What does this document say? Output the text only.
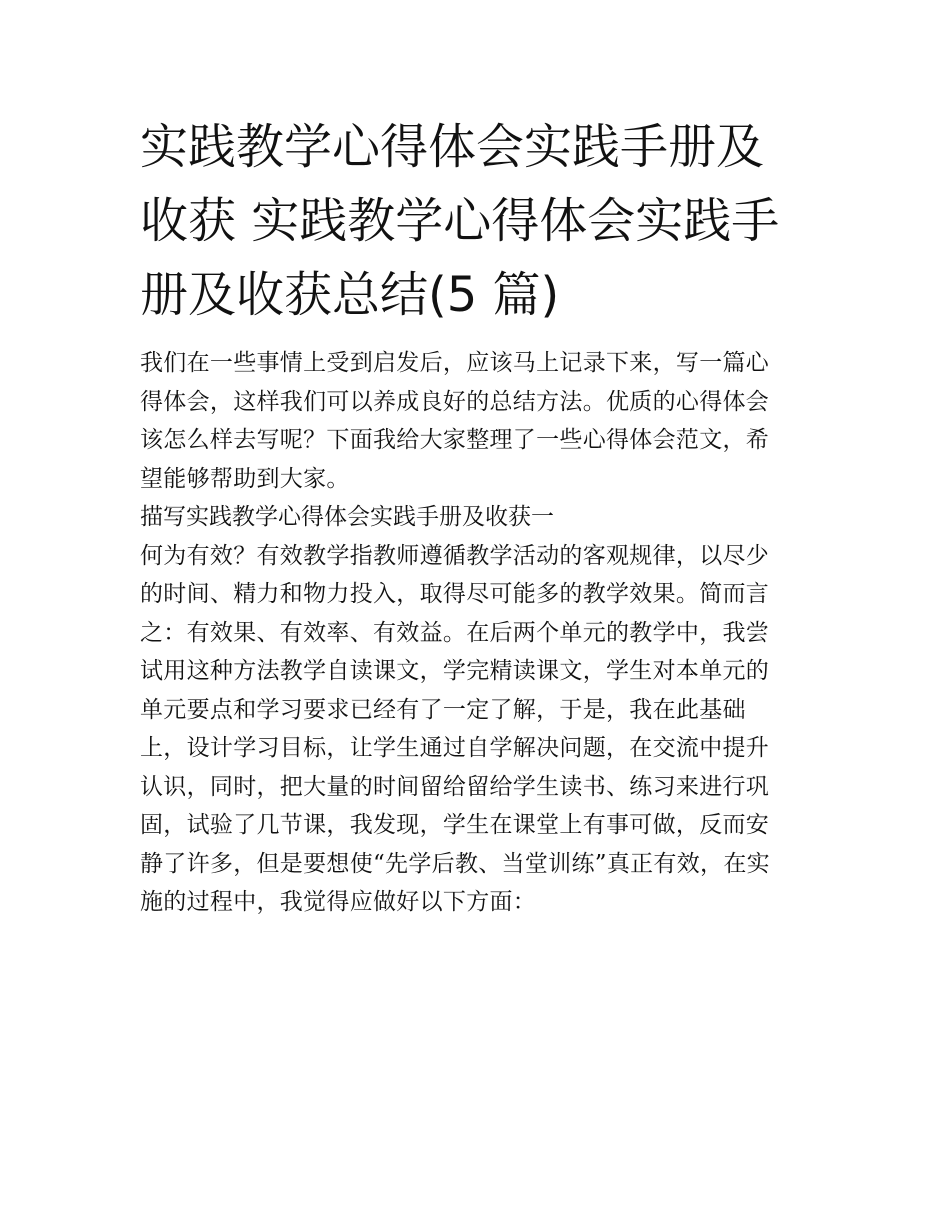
实践教学心得体会实践手册及
收获 实践教学心得体会实践手
册及收获总结(5 篇)

我们在一些事情上受到启发后，应该马上记录下来，写一篇心
得体会，这样我们可以养成良好的总结方法。优质的心得体会
该怎么样去写呢？下面我给大家整理了一些心得体会范文，希
望能够帮助到大家。

描写实践教学心得体会实践手册及收获一

何为有效？有效教学指教师遵循教学活动的客观规律，以尽少
的时间、精力和物力投入，取得尽可能多的教学效果。简而言
之：有效果、有效率、有效益。在后两个单元的教学中，我尝
试用这种方法教学自读课文，学完精读课文，学生对本单元的
单元要点和学习要求已经有了一定了解，于是，我在此基础
上，设计学习目标，让学生通过自学解决问题，在交流中提升
认识，同时，把大量的时间留给留给学生读书、练习来进行巩
固，试验了几节课，我发现，学生在课堂上有事可做，反而安
静了许多，但是要想使“先学后教、当堂训练”真正有效，在实
施的过程中，我觉得应做好以下方面：
